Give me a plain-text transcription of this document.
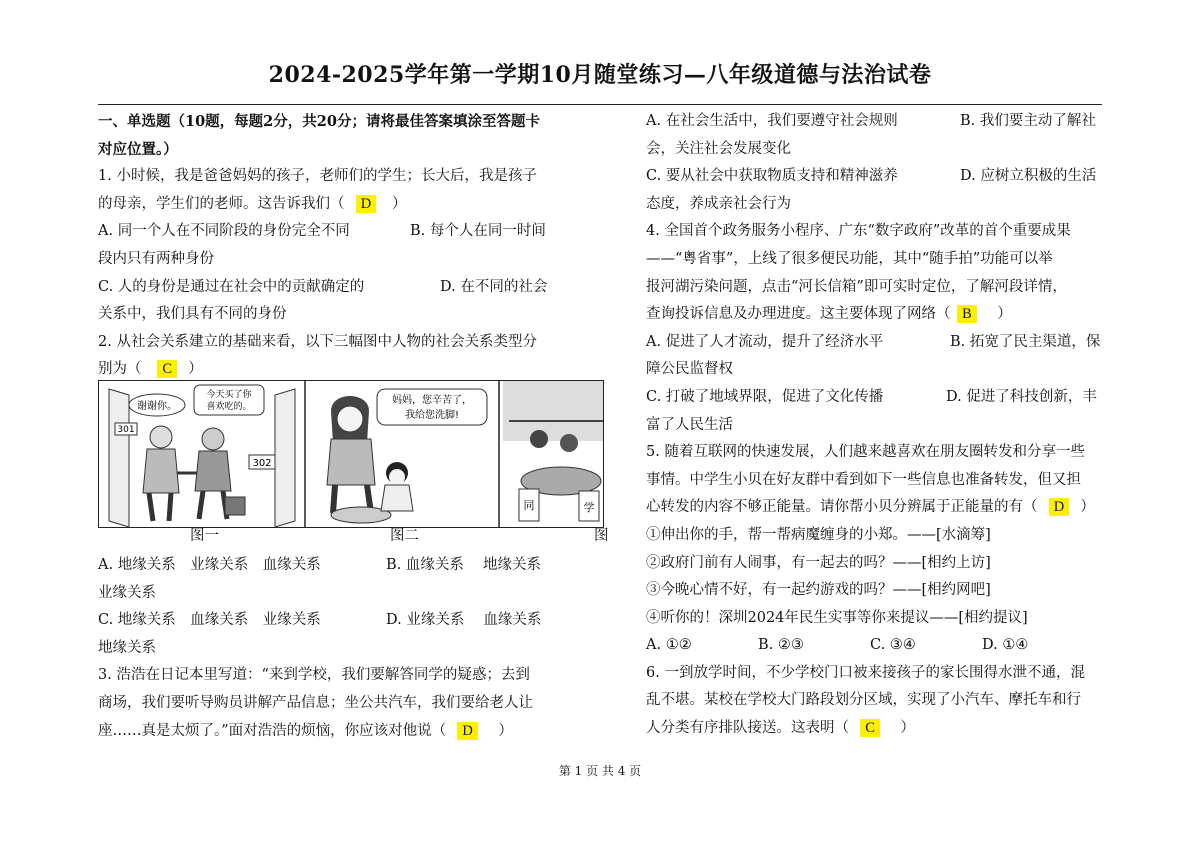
2024-2025学年第一学期10月随堂练习—八年级道德与法治试卷
一、单选题（10题，每题2分，共20分；请将最佳答案填涂至答题卡
对应位置。）
1. 小时候，我是爸爸妈妈的孩子，老师们的学生；长大后，我是孩子
的母亲，学生们的老师。这告诉我们（ D ）
A. 同一个人在不同阶段的身份完全不同	B. 每个人在同一时间
段内只有两种身份
C. 人的身份是通过在社会中的贡献确定的	D. 在不同的社会
关系中，我们具有不同的身份
2. 从社会关系建立的基础来看，以下三幅图中人物的社会关系类型分
别为（ C ）
301
302
谢谢你。
今天买了你
喜欢吃的。
妈妈，您辛苦了，
我给您洗脚!
同	学
图一	图二	图
A. 地缘关系　业缘关系　血缘关系	B. 血缘关系　 地缘关系
业缘关系
C. 地缘关系　血缘关系　业缘关系	D. 业缘关系　 血缘关系
地缘关系
3. 浩浩在日记本里写道：“来到学校，我们要解答同学的疑惑；去到
商场，我们要听导购员讲解产品信息；坐公共汽车，我们要给老人让
座……真是太烦了。”面对浩浩的烦恼，你应该对他说（ D ）
A. 在社会生活中，我们要遵守社会规则	B. 我们要主动了解社
会，关注社会发展变化
C. 要从社会中获取物质支持和精神滋养	D. 应树立积极的生活
态度，养成亲社会行为
4. 全国首个政务服务小程序、广东“数字政府”改革的首个重要成果
——“粤省事”，上线了很多便民功能，其中“随手拍”功能可以举
报河湖污染问题，点击“河长信箱”即可实时定位，了解河段详情，
查询投诉信息及办理进度。这主要体现了网络（ B ）
A. 促进了人才流动，提升了经济水平	B. 拓宽了民主渠道，保
障公民监督权
C. 打破了地域界限，促进了文化传播	D. 促进了科技创新，丰
富了人民生活
5. 随着互联网的快速发展，人们越来越喜欢在朋友圈转发和分享一些
事情。中学生小贝在好友群中看到如下一些信息也准备转发，但又担
心转发的内容不够正能量。请你帮小贝分辨属于正能量的有（ D ）
①伸出你的手，帮一帮病魔缠身的小郑。——[水滴筹]
②政府门前有人闹事，有一起去的吗？——[相约上访]
③今晚心情不好，有一起约游戏的吗？——[相约网吧]
④听你的！深圳2024年民生实事等你来提议——[相约提议]
A. ①②	B. ②③	C. ③④	D. ①④
6. 一到放学时间，不少学校门口被来接孩子的家长围得水泄不通，混
乱不堪。某校在学校大门路段划分区域，实现了小汽车、摩托车和行
人分类有序排队接送。这表明（ C ）
第 1 页 共 4 页
